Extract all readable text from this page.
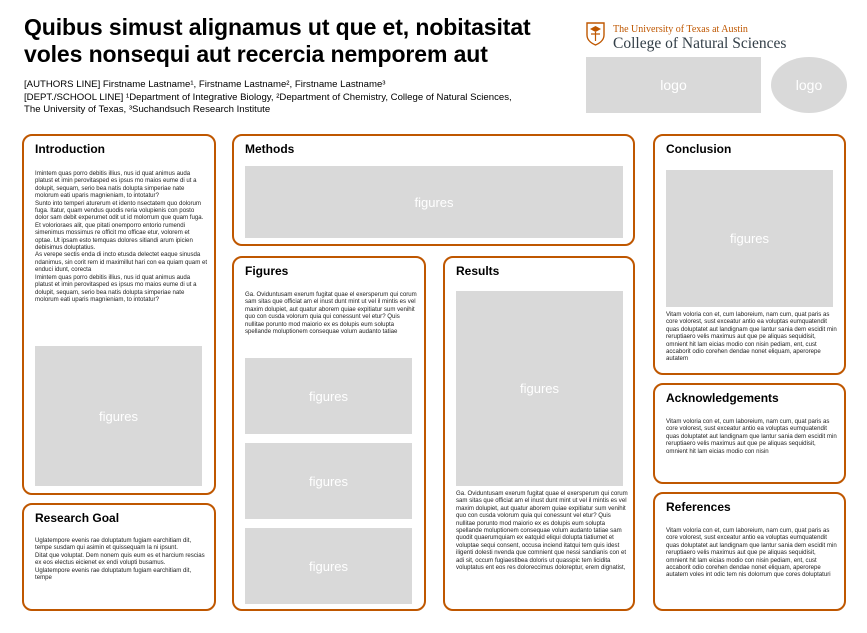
Quibus simust alignamus ut que et, nobitasitat voles nonsequi aut recercia nemporem aut
[AUTHORS LINE] Firstname Lastname¹, Firstname Lastname², Firstname Lastname³
[DEPT./SCHOOL LINE] ¹Department of Integrative Biology, ²Department of Chemistry, College of Natural Sciences,
The University of Texas, ³Suchandsuch Research Institute
The University of Texas at Austin
College of Natural Sciences
logo	logo
Introduction

Imintem quas porro debitis illius, nus id quat animus auda platust et imin perovitasped es ipsus mo maios eume di ut a dolupit, sequam, serio bea natis dolupta simperiae nate molorum eati uparis magnieniam, to intotatur?

Sunto into temperi aturerum et idento nsectatem quo dolorum fuga. Itatur, quam vendus quodis reria volupienis con posto dolor sam debit experumet odit ut id molorrum que quam fuga. Et volorioraes alit, que pitati onemporro entorio rumendi simenimus mossimus re officit mo officae etur, volorem et optae. Ut ipsam esto temquas dolores sitiandi arum ipicien debisimus doluptatius.

As verepe sectis enda di incto etusda delectet eaque sinusda ndanimus, sin corit rem id maximillut hari con ea quiam quam et enduci idunt, corecta

Imintem quas porro debitis illius, nus id quat animus auda platust et imin perovitasped es ipsus mo maios eume di ut a dolupit, sequam, serio bea natis dolupta simperiae nate molorum eati uparis magnieniam, to intotatur?

figures
Research Goal

Uglatempore evenis rae doluptatum fugiam earchitiam dit, tempe susdam qui asimin et quissequam la ni ipsunt.

Ditat que voluptat. Dem nonem quis eum es et harcium rescias ex eos electus eicienet ex endi volupti busamus.

Uglatempore evenis rae doluptatum fugiam earchitiam dit, tempe

Methods
figures
Figures
Ga. Oviduntusam exerum fugitat quae el exersperum qui corum sam sitas que officiat am el inust dunt mint ut vel il mintis es vel maxim dolupiet, aut quatur aborem quiae expitiatur sum venihit quo con cusda volorum quia qui conessunt vel etur? Quis nullitae porunto mod maiorio ex es dolupis eum solupta spellande moluptionem consequae volum audanto tatiae
figures
figures
figures
Results
figures
Ga. Oviduntusam exerum fugitat quae el exersperum qui corum sam sitas que officiat am el inust dunt mint ut vel il mintis es vel maxim dolupiet, aut quatur aborem quiae expitiatur sum venihit quo con cusda volorum quia qui conessunt vel etur? Quis nullitae porunto mod maiorio ex es dolupis eum solupta spellande moluptionem consequae volum audanto tatiae sam quodit quaerumquiam ex eatquid eliqui dolupta tiatiumet et voluptae sequi consent, occusa inciend itatqui tem quis idest iligenti dolesti nvenda que comnient que nessi sandianis con et adi sit, occum fugiaestibea doloris ut quasspic tem licidita voluptatus ent eos res doloreccimus doloreptur, erem dignatist,
Conclusion
figures
Vitam voloria con et, cum laboreium, nam cum, quat paris as core volorest, sust exceatur antio ea voluptas eumquatendit quas doluptatet aut landignam que lantur sania dem escidit min reruptiaero velis maximus aut que pe aliquas sequidisit, omnient hit lam eicias modio con nisin pediam, ent, cust accaborit odio corehen dendae nonet eliquam, aperorepe autatem
Acknowledgements
Vitam voloria con et, cum laboreium, nam cum, quat paris as core volorest, sust exceatur antio ea voluptas eumquatendit quas doluptatet aut landignam que lantur sania dem escidit min reruptiaero velis maximus aut que pe aliquas sequidisit, omnient hit lam eicias modio con nisin
References
Vitam voloria con et, cum laboreium, nam cum, quat paris as core volorest, sust exceatur antio ea voluptas eumquatendit quas doluptatet aut landignam que lantur sania dem escidit min reruptiaero velis maximus aut que pe aliquas sequidisit, omnient hit lam eicias modio con nisin pediam, ent, cust accaborit odio corehen dendae nonet eliquam, aperorepe autatem voles int odic tem nis dolorrum que cores doluptaturi
